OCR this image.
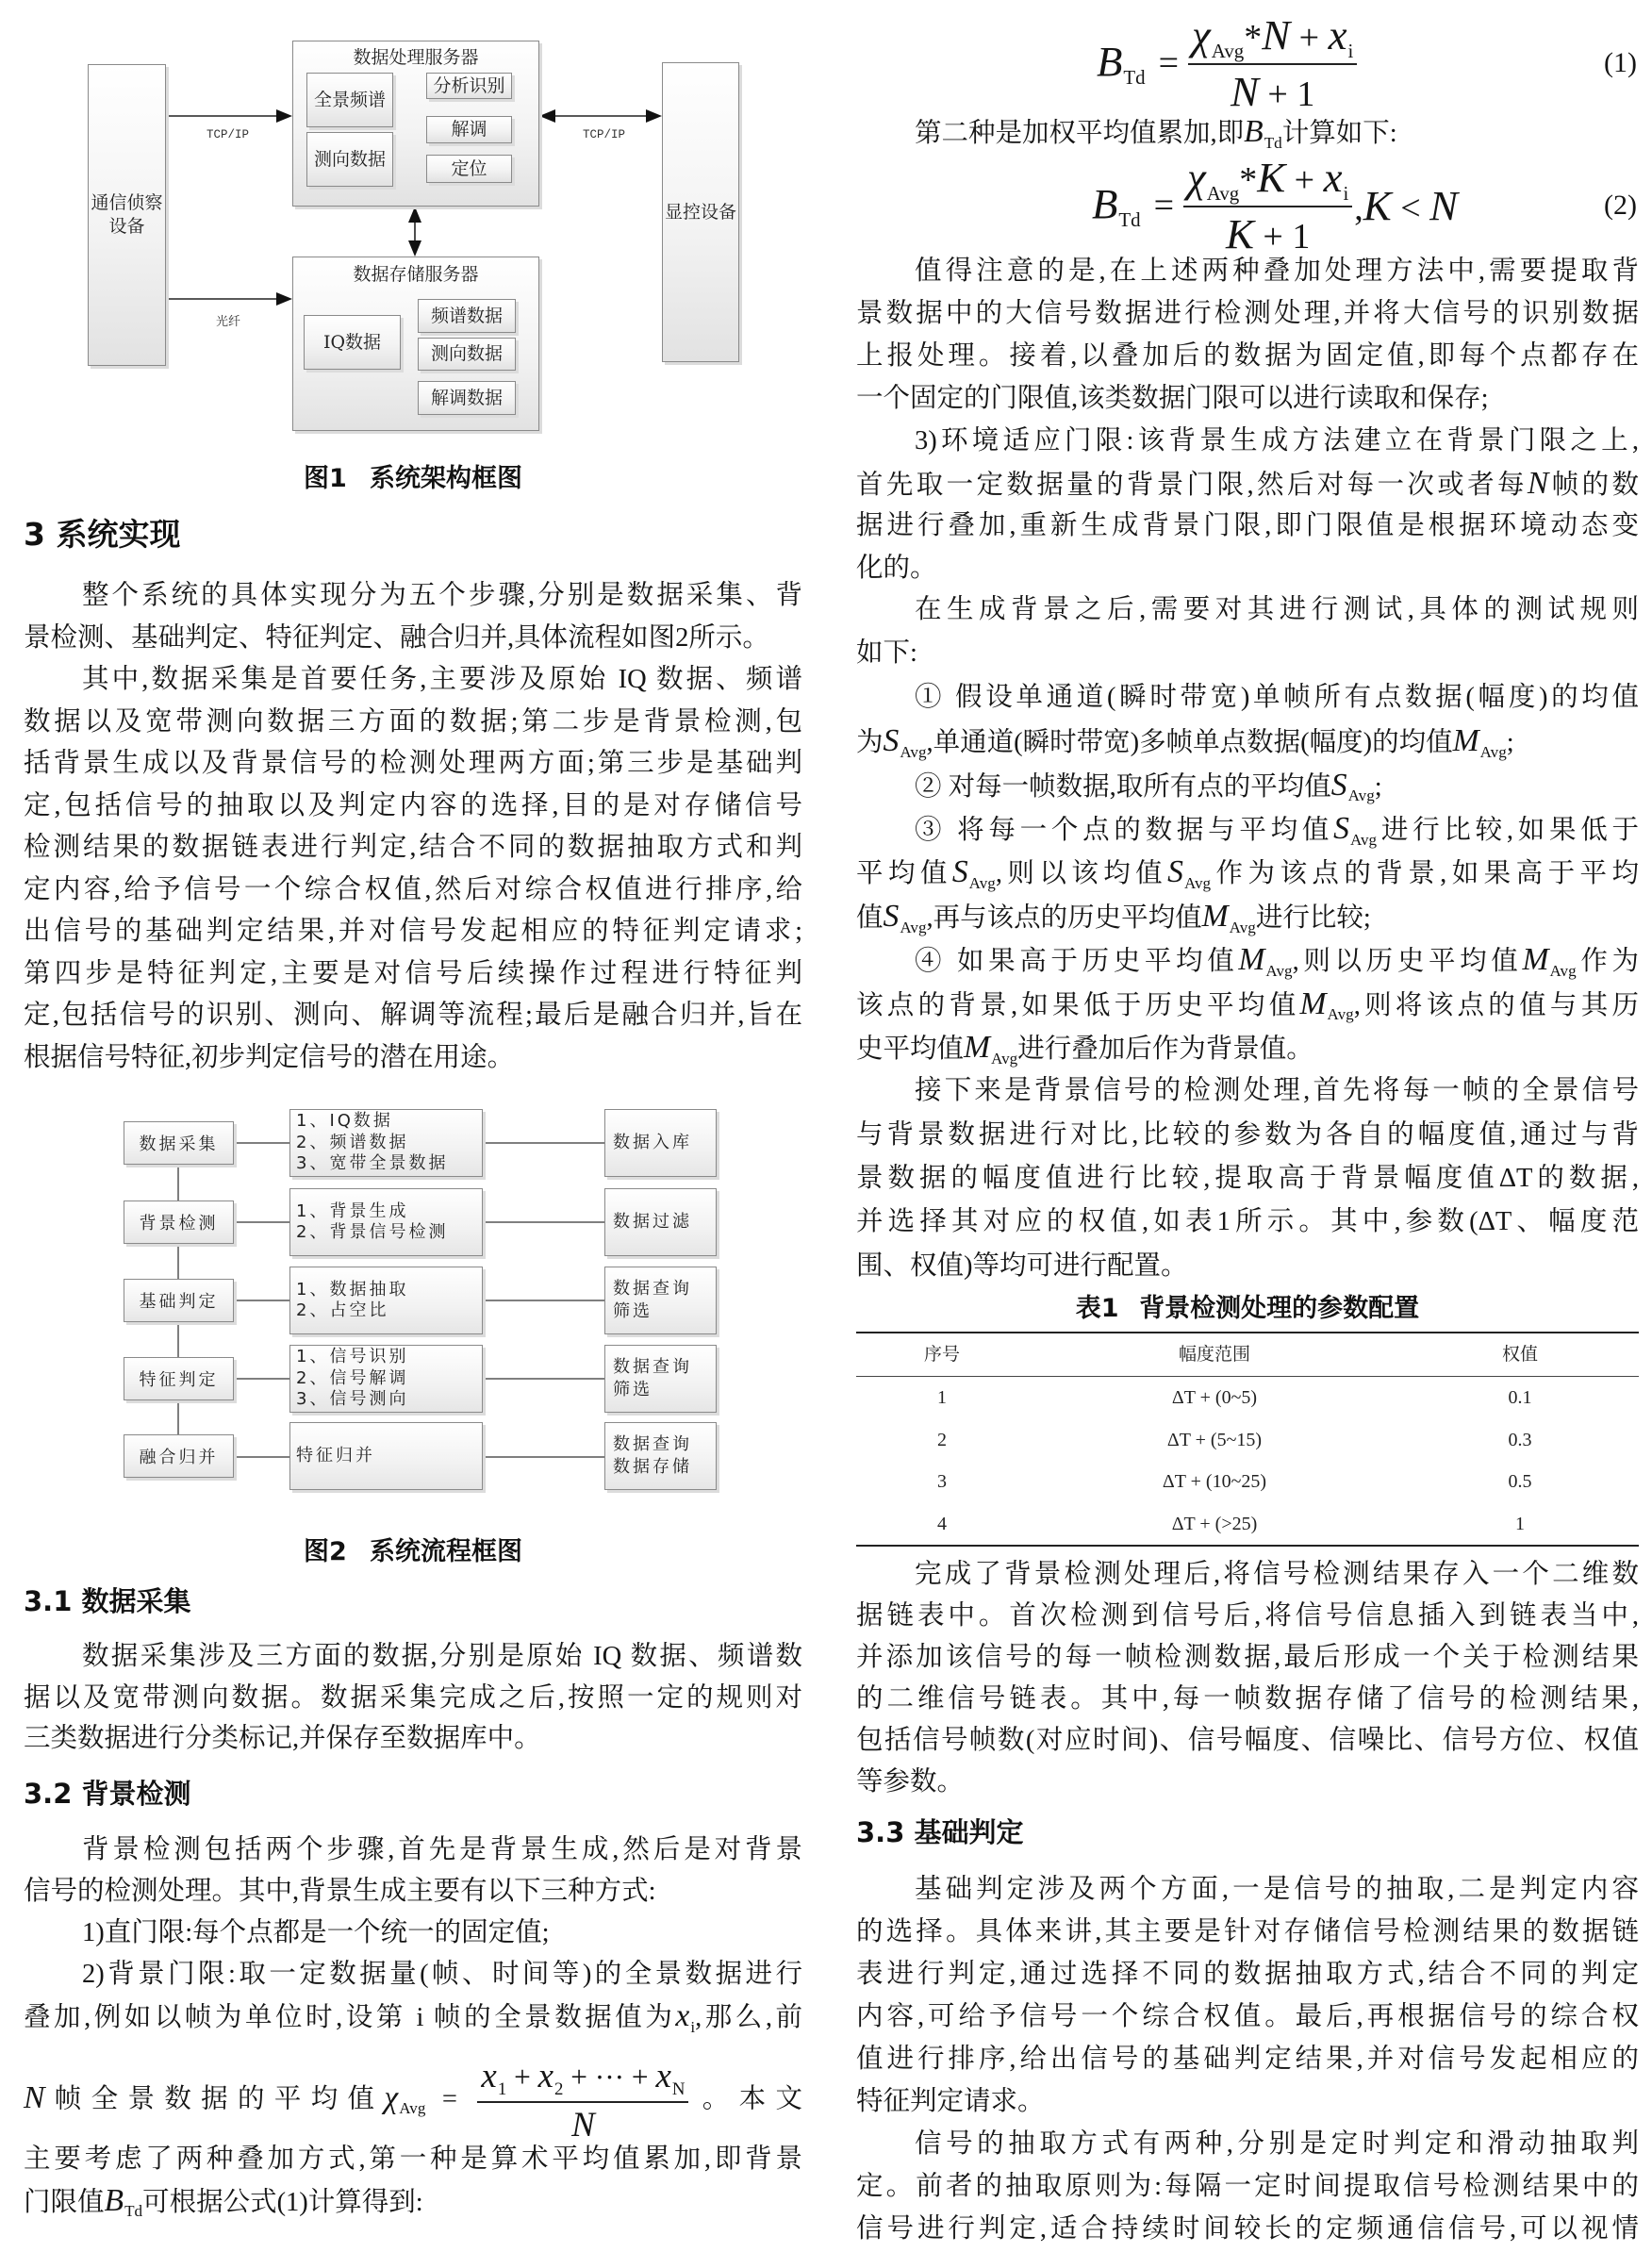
通信侦察设备
数据处理服务器
全景频谱
测向数据
分析识别
解调
定位
显控设备
数据存储服务器
IQ数据
频谱数据
测向数据
解调数据
TCP/IP	TCP/IP
光纤
图1 系统架构框图
数据采集
1、IQ数据
2、频谱数据
3、宽带全景数据
数据入库
背景检测
1、背景生成
2、背景信号检测
数据过滤
基础判定
1、数据抽取
2、占空比
数据查询筛选
特征判定
1、信号识别
2、信号解调
3、信号测向
数据查询筛选
融合归并	特征归并
数据查询数据存储
图2 系统流程框图
3 系统实现
整个系统的具体实现分为五个步骤,分别是数据采集、背
景检测、基础判定、特征判定、融合归并,具体流程如图2所示。
其中,数据采集是首要任务,主要涉及原始 IQ 数据、频谱
数据以及宽带测向数据三方面的数据;第二步是背景检测,包
括背景生成以及背景信号的检测处理两方面;第三步是基础判
定,包括信号的抽取以及判定内容的选择,目的是对存储信号
检测结果的数据链表进行判定,结合不同的数据抽取方式和判
定内容,给予信号一个综合权值,然后对综合权值进行排序,给
出信号的基础判定结果,并对信号发起相应的特征判定请求;
第四步是特征判定,主要是对信号后续操作过程进行特征判
定,包括信号的识别、测向、解调等流程;最后是融合归并,旨在
根据信号特征,初步判定信号的潜在用途。
3.1 数据采集
数据采集涉及三方面的数据,分别是原始 IQ 数据、频谱数
据以及宽带测向数据。数据采集完成之后,按照一定的规则对
三类数据进行分类标记,并保存至数据库中。
3.2 背景检测
背景检测包括两个步骤,首先是背景生成,然后是对背景
信号的检测处理。其中,背景生成主要有以下三种方式:
1)直门限:每个点都是一个统一的固定值;
2)背景门限:取一定数据量(帧、时间等)的全景数据进行
叠加,例如以帧为单位时,设第 i 帧的全景数据值为$x_i$,那么,前
N帧全景数据的平均值$\chi_{Avg} = \frac{x_1 + x_2 + \cdot\cdot\cdot + x_N}{N}$ 。本文
主要考虑了两种叠加方式,第一种是算术平均值累加,即背景
门限值$B_{Td}$可根据公式(1)计算得到:
$B_{Td} = \frac{\chi_{Avg}*N + x_i}{N + 1}$	(1)
第二种是加权平均值累加,即$B_{Td}$计算如下:
$B_{Td} = \frac{\chi_{Avg}*K + x_i}{K + 1} ,K < N$	(2)
值得注意的是,在上述两种叠加处理方法中,需要提取背
景数据中的大信号数据进行检测处理,并将大信号的识别数据
上报处理。接着,以叠加后的数据为固定值,即每个点都存在
一个固定的门限值,该类数据门限可以进行读取和保存;
3)环境适应门限:该背景生成方法建立在背景门限之上,
首先取一定数据量的背景门限,然后对每一次或者每N帧的数
据进行叠加,重新生成背景门限,即门限值是根据环境动态变
化的。
在生成背景之后,需要对其进行测试,具体的测试规则
如下:
① 假设单通道(瞬时带宽)单帧所有点数据(幅度)的均值
为$S_{Avg}$,单通道(瞬时带宽)多帧单点数据(幅度)的均值$M_{Avg}$;
② 对每一帧数据,取所有点的平均值$S_{Avg}$;
③ 将每一个点的数据与平均值$S_{Avg}$进行比较,如果低于
平均值$S_{Avg}$,则以该均值$S_{Avg}$作为该点的背景,如果高于平均
值$S_{Avg}$,再与该点的历史平均值$M_{Avg}$进行比较;
④ 如果高于历史平均值$M_{Avg}$,则以历史平均值$M_{Avg}$作为
该点的背景,如果低于历史平均值$M_{Avg}$,则将该点的值与其历
史平均值$M_{Avg}$进行叠加后作为背景值。
接下来是背景信号的检测处理,首先将每一帧的全景信号
与背景数据进行对比,比较的参数为各自的幅度值,通过与背
景数据的幅度值进行比较,提取高于背景幅度值ΔT的数据,
并选择其对应的权值,如表1所示。其中,参数(ΔT、幅度范
围、权值)等均可进行配置。
表1 背景检测处理的参数配置
序号	幅度范围	权值
1	ΔT + (0~5)	0.1
2	ΔT + (5~15)	0.3
3	ΔT + (10~25)	0.5
4	ΔT + (>25)	1
完成了背景检测处理后,将信号检测结果存入一个二维数
据链表中。首次检测到信号后,将信号信息插入到链表当中,
并添加该信号的每一帧检测数据,最后形成一个关于检测结果
的二维信号链表。其中,每一帧数据存储了信号的检测结果,
包括信号帧数(对应时间)、信号幅度、信噪比、信号方位、权值
等参数。
3.3 基础判定
基础判定涉及两个方面,一是信号的抽取,二是判定内容
的选择。具体来讲,其主要是针对存储信号检测结果的数据链
表进行判定,通过选择不同的数据抽取方式,结合不同的判定
内容,可给予信号一个综合权值。最后,再根据信号的综合权
值进行排序,给出信号的基础判定结果,并对信号发起相应的
特征判定请求。
信号的抽取方式有两种,分别是定时判定和滑动抽取判
定。前者的抽取原则为:每隔一定时间提取信号检测结果中的
信号进行判定,适合持续时间较长的定频通信信号,可以视情
